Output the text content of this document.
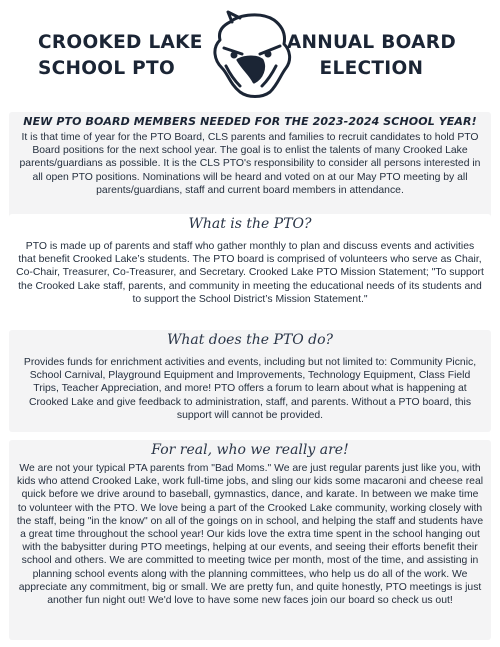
CROOKED LAKE
SCHOOL PTO
ANNUAL BOARD
ELECTION
NEW PTO BOARD MEMBERS NEEDED FOR THE 2023-2024 SCHOOL YEAR!
It is that time of year for the PTO Board, CLS parents and families to recruit candidates to hold PTO Board positions for the next school year. The goal is to enlist the talents of many Crooked Lake parents/guardians as possible. It is the CLS PTO's responsibility to consider all persons interested in all open PTO positions. Nominations will be heard and voted on at our May PTO meeting by all parents/guardians, staff and current board members in attendance.
What is the PTO?
PTO is made up of parents and staff who gather monthly to plan and discuss events and activities that benefit Crooked Lake’s students. The PTO board is comprised of volunteers who serve as Chair, Co-Chair, Treasurer, Co-Treasurer, and Secretary. Crooked Lake PTO Mission Statement; "To support the Crooked Lake staff, parents, and community in meeting the educational needs of its students and to support the School District’s Mission Statement."
What does the PTO do?
Provides funds for enrichment activities and events, including but not limited to: Community Picnic, School Carnival, Playground Equipment and Improvements, Technology Equipment, Class Field Trips, Teacher Appreciation, and more! PTO offers a forum to learn about what is happening at Crooked Lake and give feedback to administration, staff, and parents. Without a PTO board, this support will cannot be provided.
For real, who we really are!
We are not your typical PTA parents from "Bad Moms." We are just regular parents just like you, with kids who attend Crooked Lake, work full-time jobs, and sling our kids some macaroni and cheese real quick before we drive around to baseball, gymnastics, dance, and karate. In between we make time to volunteer with the PTO. We love being a part of the Crooked Lake community, working closely with the staff, being "in the know" on all of the goings on in school, and helping the staff and students have a great time throughout the school year! Our kids love the extra time spent in the school hanging out with the babysitter during PTO meetings, helping at our events, and seeing their efforts benefit their school and others. We are committed to meeting twice per month, most of the time, and assisting in planning school events along with the planning committees, who help us do all of the work. We appreciate any commitment, big or small. We are pretty fun, and quite honestly, PTO meetings is just another fun night out! We'd love to have some new faces join our board so check us out!
